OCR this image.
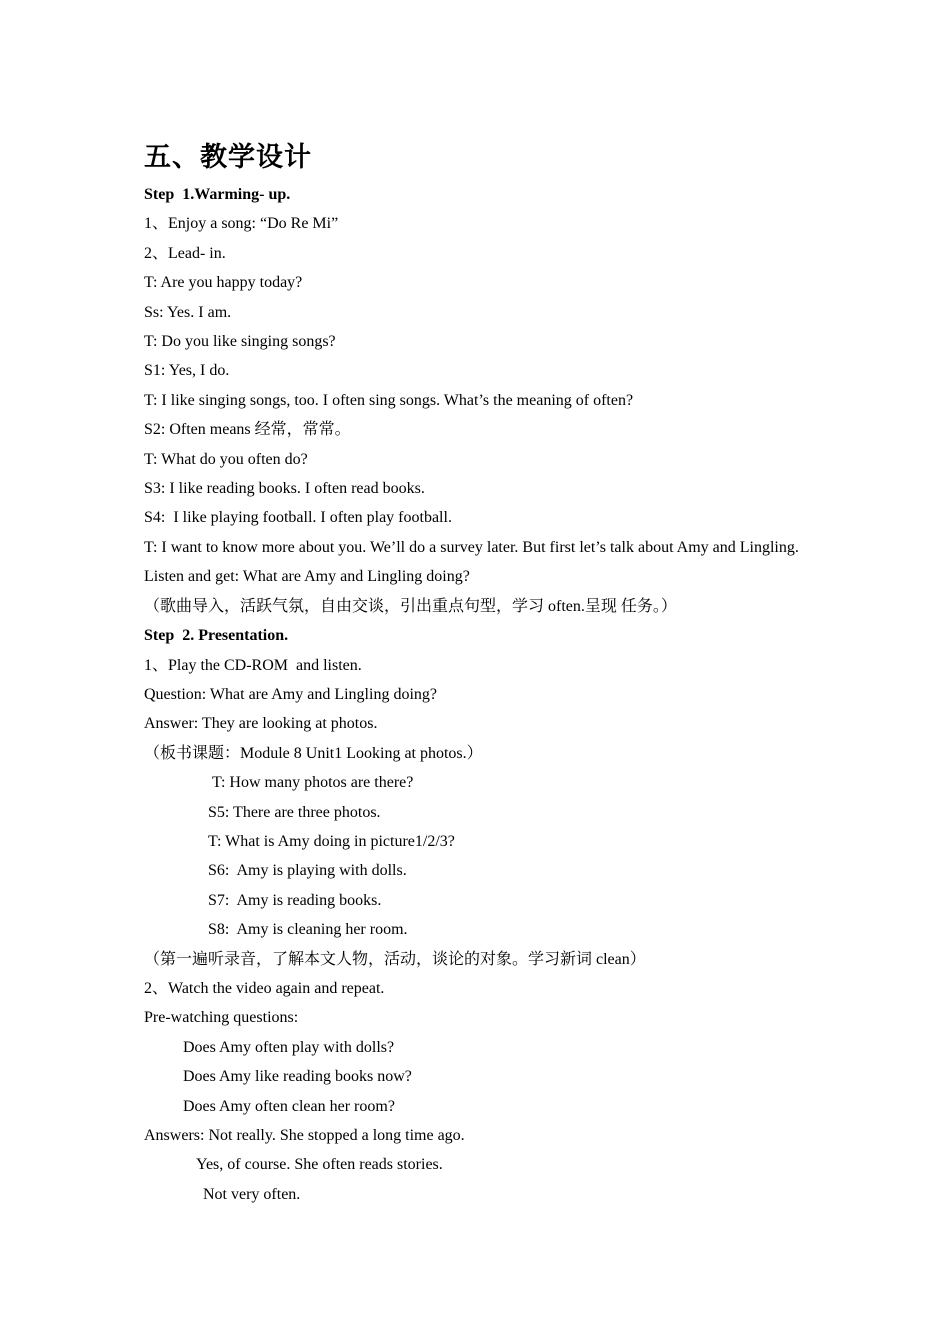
五、教学设计

Step  1.Warming- up.

1、Enjoy a song: “Do Re Mi”

2、Lead- in.

T: Are you happy today?

Ss: Yes. I am.

T: Do you like singing songs?

S1: Yes, I do.

T: I like singing songs, too. I often sing songs. What’s the meaning of often?

S2: Often means 经常，常常。

T: What do you often do?

S3: I like reading books. I often read books.

S4:  I like playing football. I often play football.

T: I want to know more about you. We’ll do a survey later. But first let’s talk about Amy and Lingling. Listen and get: What are Amy and Lingling doing?

（歌曲导入，活跃气氛，自由交谈，引出重点句型，学习 often.呈现 任务。）

Step  2. Presentation.

1、Play the CD-ROM  and listen.

Question: What are Amy and Lingling doing?

Answer: They are looking at photos.

（板书课题：Module 8 Unit1 Looking at photos.）

T: How many photos are there?

S5: There are three photos.

T: What is Amy doing in picture1/2/3?

S6:  Amy is playing with dolls.

S7:  Amy is reading books.

S8:  Amy is cleaning her room.

（第一遍听录音，了解本文人物，活动，谈论的对象。学习新词 clean）

2、Watch the video again and repeat.

Pre-watching questions:

Does Amy often play with dolls?

Does Amy like reading books now?

Does Amy often clean her room?

Answers: Not really. She stopped a long time ago.

Yes, of course. She often reads stories.

Not very often.
